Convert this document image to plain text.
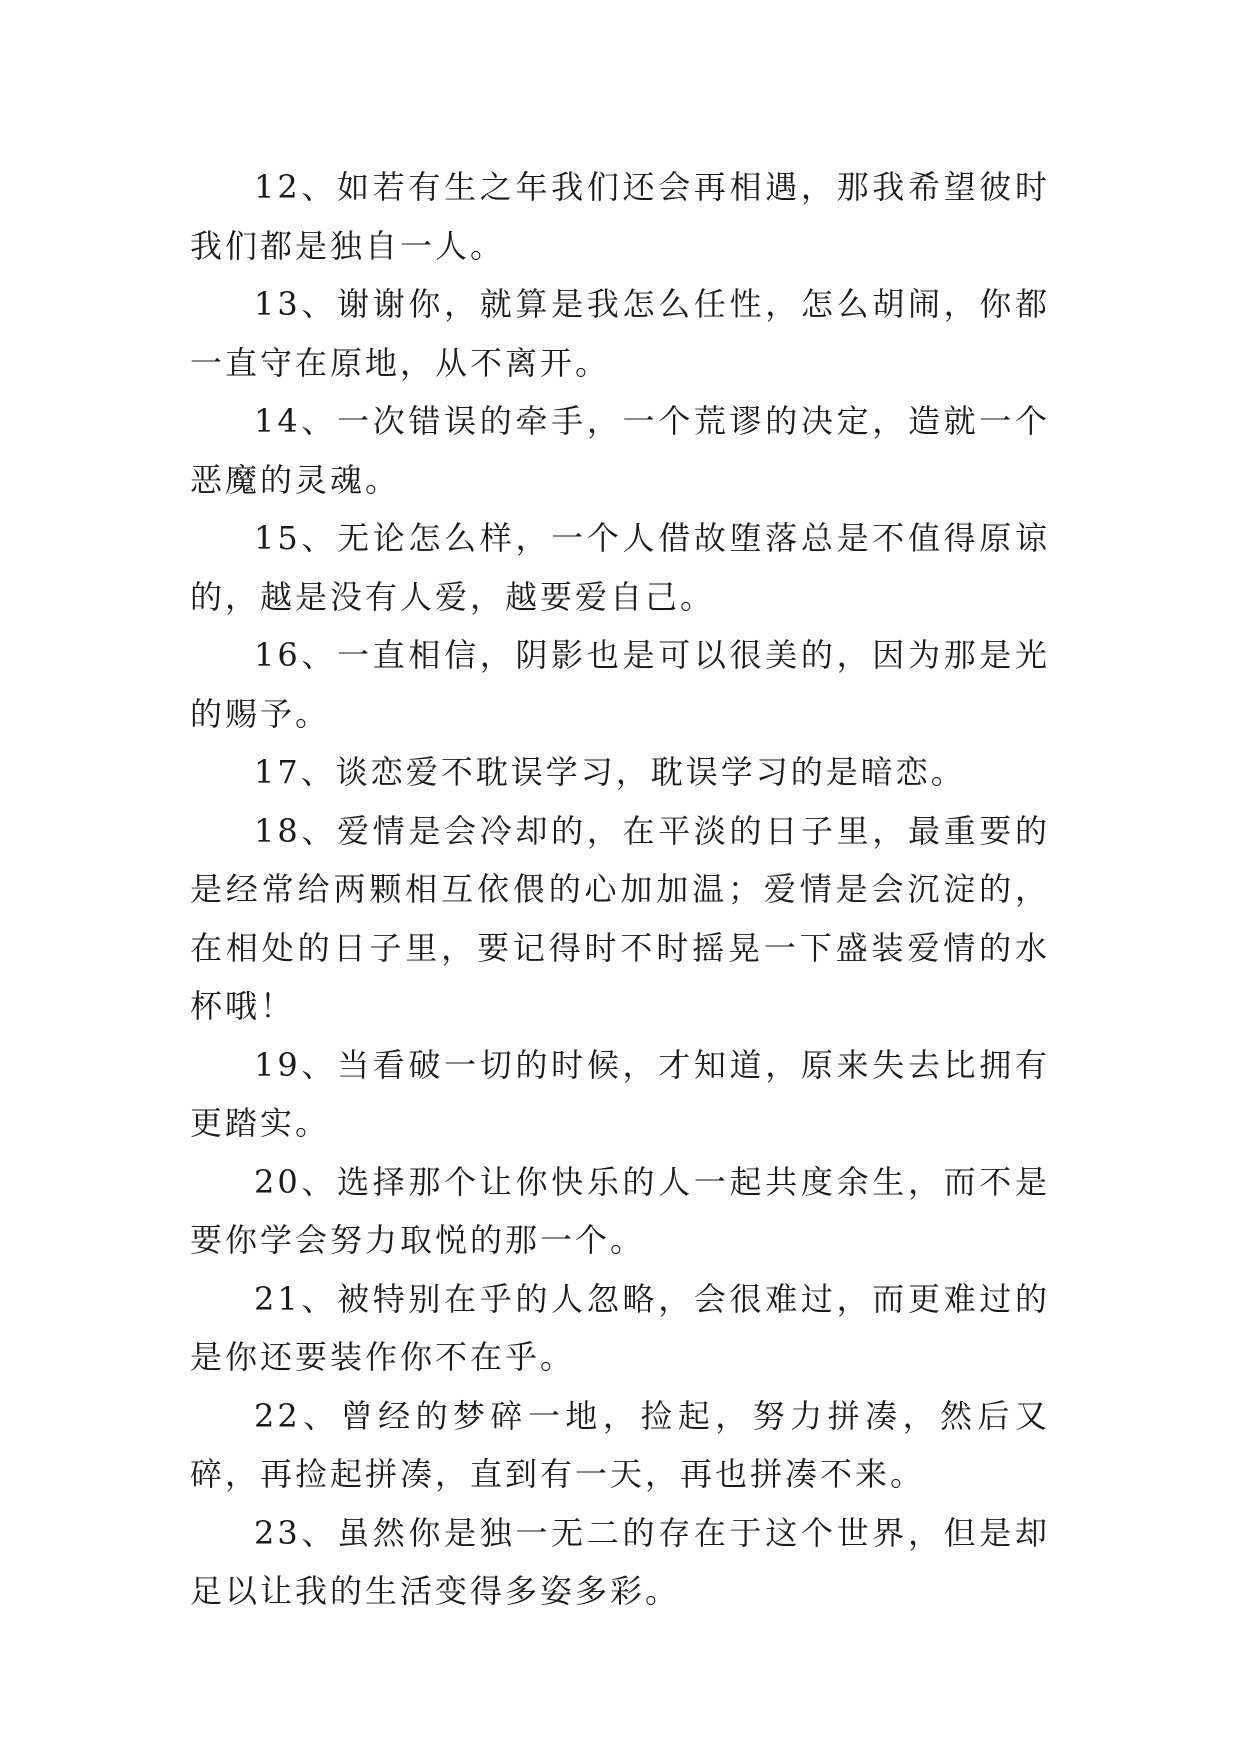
12、如若有生之年我们还会再相遇，那我希望彼时我们都是独自一人。

13、谢谢你，就算是我怎么任性，怎么胡闹，你都一直守在原地，从不离开。

14、一次错误的牵手，一个荒谬的决定，造就一个恶魔的灵魂。

15、无论怎么样，一个人借故堕落总是不值得原谅的，越是没有人爱，越要爱自己。

16、一直相信，阴影也是可以很美的，因为那是光的赐予。

17、谈恋爱不耽误学习，耽误学习的是暗恋。

18、爱情是会冷却的，在平淡的日子里，最重要的是经常给两颗相互依偎的心加加温；爱情是会沉淀的，在相处的日子里，要记得时不时摇晃一下盛装爱情的水杯哦！

19、当看破一切的时候，才知道，原来失去比拥有更踏实。

20、选择那个让你快乐的人一起共度余生，而不是要你学会努力取悦的那一个。

21、被特别在乎的人忽略，会很难过，而更难过的是你还要装作你不在乎。

22、曾经的梦碎一地，捡起，努力拼凑，然后又碎，再捡起拼凑，直到有一天，再也拼凑不来。

23、虽然你是独一无二的存在于这个世界，但是却足以让我的生活变得多姿多彩。
